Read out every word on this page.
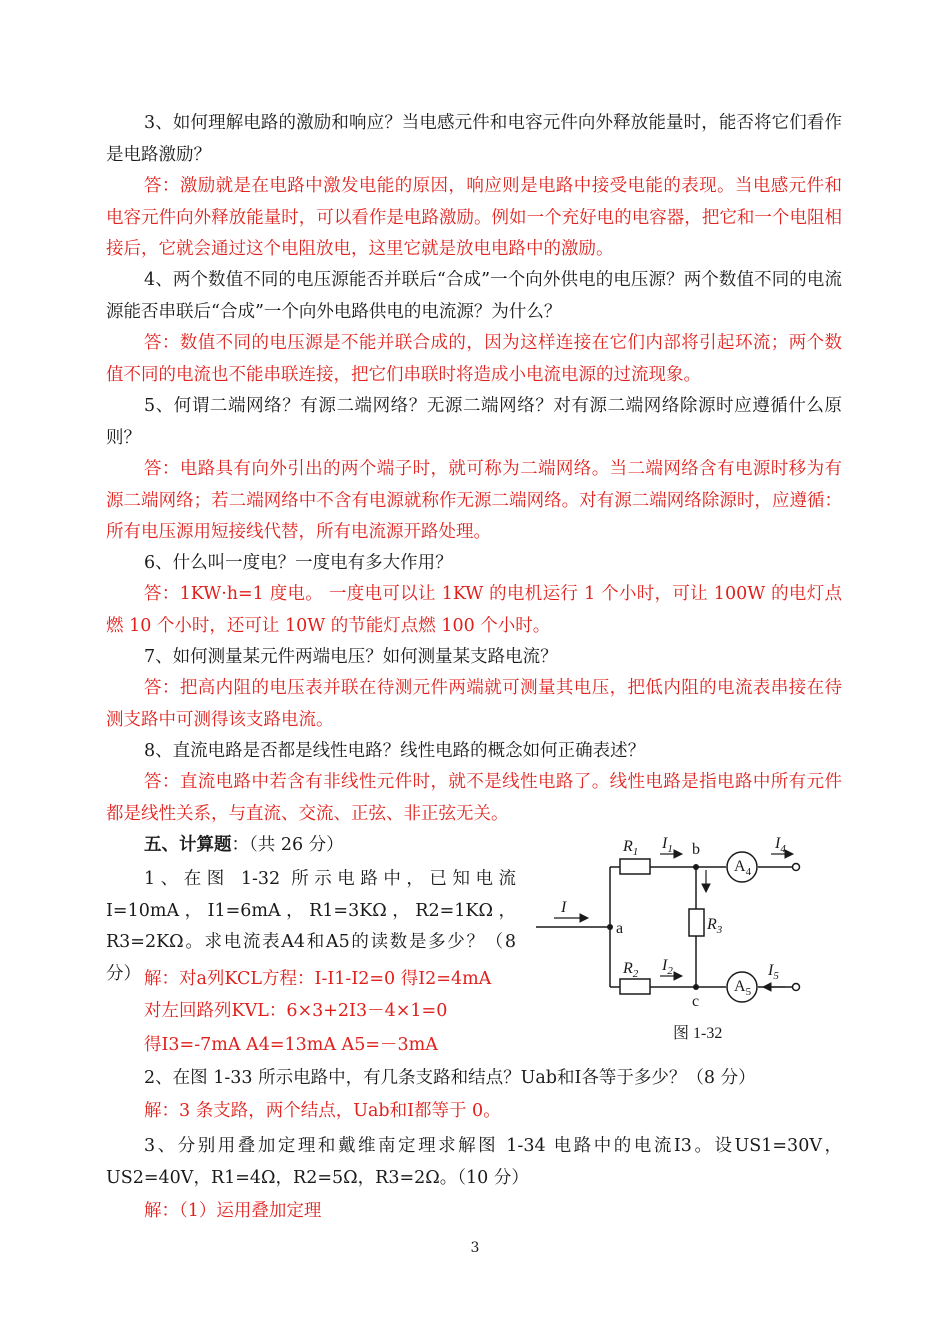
3、如何理解电路的激励和响应？当电感元件和电容元件向外释放能量时，能否将它们看作是电路激励？

答：激励就是在电路中激发电能的原因，响应则是电路中接受电能的表现。当电感元件和电容元件向外释放能量时，可以看作是电路激励。例如一个充好电的电容器，把它和一个电阻相接后，它就会通过这个电阻放电，这里它就是放电电路中的激励。

4、两个数值不同的电压源能否并联后“合成”一个向外供电的电压源？两个数值不同的电流源能否串联后“合成”一个向外电路供电的电流源？为什么？

答：数值不同的电压源是不能并联合成的，因为这样连接在它们内部将引起环流；两个数值不同的电流也不能串联连接，把它们串联时将造成小电流电源的过流现象。

5、何谓二端网络？有源二端网络？无源二端网络？对有源二端网络除源时应遵循什么原则？

答：电路具有向外引出的两个端子时，就可称为二端网络。当二端网络含有电源时移为有源二端网络；若二端网络中不含有电源就称作无源二端网络。对有源二端网络除源时，应遵循：所有电压源用短接线代替，所有电流源开路处理。

6、什么叫一度电？一度电有多大作用？

答：1KW·h=1 度电。 一度电可以让 1KW 的电机运行 1 个小时，可让 100W 的电灯点燃 10 个小时，还可让 10W 的节能灯点燃 100 个小时。

7、如何测量某元件两端电压？如何测量某支路电流？

答：把高内阻的电压表并联在待测元件两端就可测量其电压，把低内阻的电流表串接在待测支路中可测得该支路电流。

8、直流电路是否都是线性电路？线性电路的概念如何正确表述？

答：直流电路中若含有非线性元件时，就不是线性电路了。线性电路是指电路中所有元件都是线性关系，与直流、交流、正弦、非正弦无关。

五、计算题：（共 26 分）

1、在图 1-32 所示电路中，已知电流I=10mA，I1=6mA，R1=3KΩ，R2=1KΩ，R3=2KΩ。求电流表A4和A5的读数是多少？（8 分） 解：对a列KCL方程：I-I1-I2=0 得I2=4mA

对左回路列KVL：6×3+2I3－4×1=0

得I3=-7mA A4=13mA A5=－3mA

2、在图 1-33 所示电路中，有几条支路和结点？Uab和I各等于多少？（8 分）

解：3 条支路，两个结点，Uab和I都等于 0。

3、分别用叠加定理和戴维南定理求解图 1-34 电路中的电流I3。设US1=30V，US2=40V，R1=4Ω，R2=5Ω，R3=2Ω。（10 分）

解：（1）运用叠加定理

$R_1$
$R_2$
$R_3$
I
$I_1$
$I_2$
$I_4$
$I_5$
$A_4$
$A_5$
a
b
c
图 1-32
3
